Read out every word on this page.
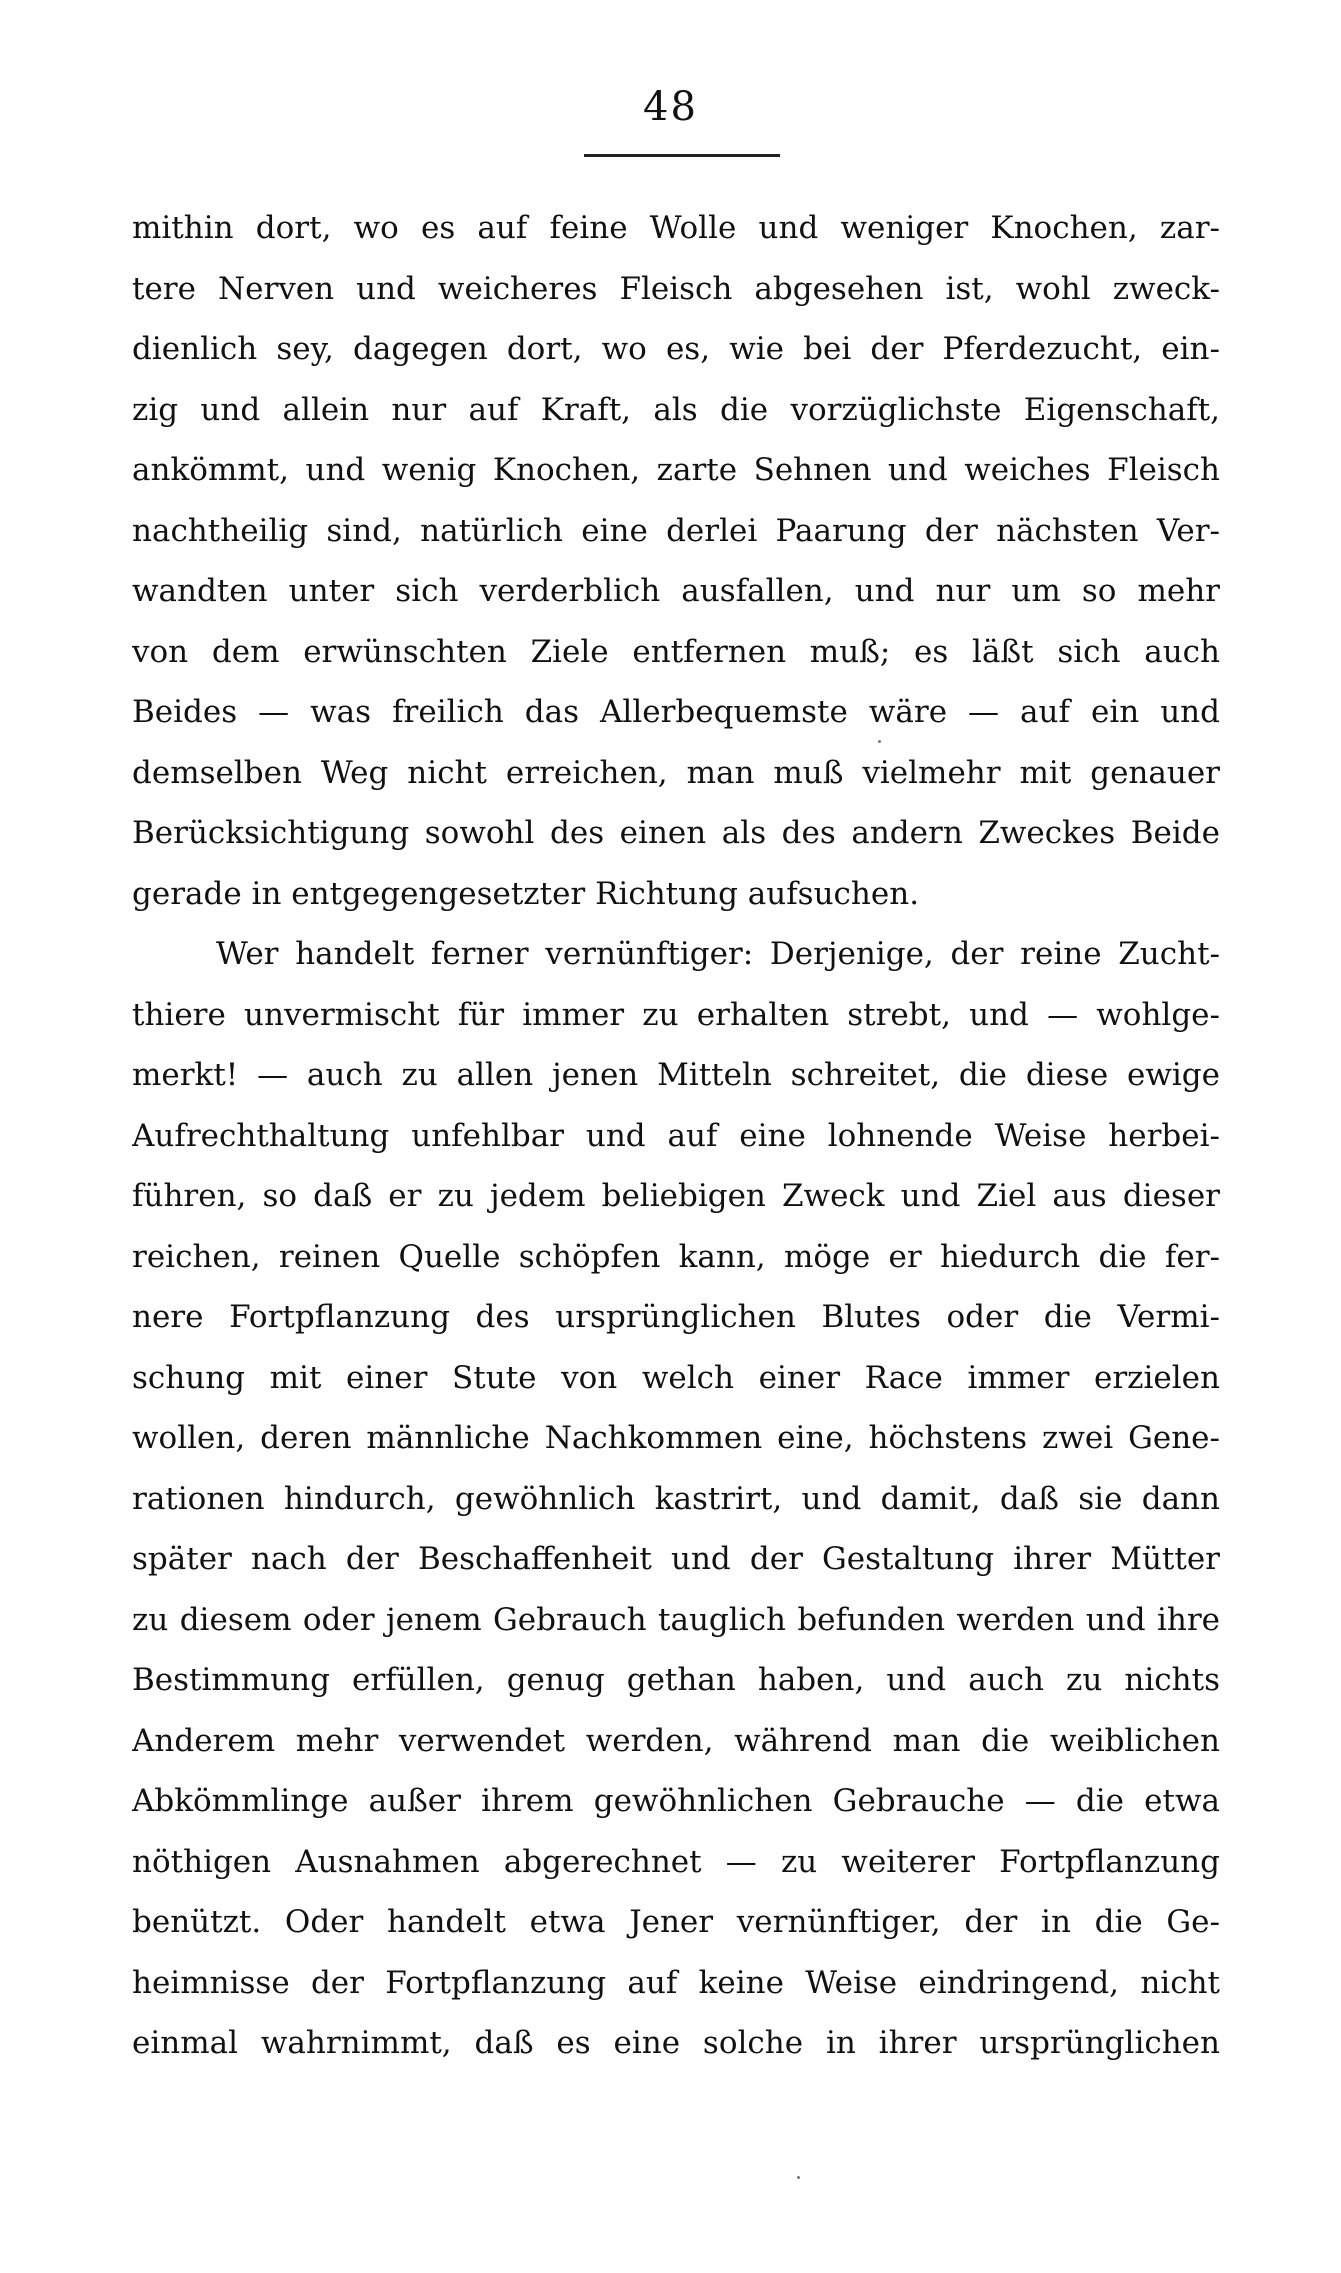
48
mithin dort, wo es auf feine Wolle und weniger Knochen, zar-
tere Nerven und weicheres Fleisch abgesehen ist, wohl zweck-
dienlich sey, dagegen dort, wo es, wie bei der Pferdezucht, ein-
zig und allein nur auf Kraft, als die vorzüglichste Eigenschaft,
ankömmt, und wenig Knochen, zarte Sehnen und weiches Fleisch
nachtheilig sind, natürlich eine derlei Paarung der nächsten Ver-
wandten unter sich verderblich ausfallen, und nur um so mehr
von dem erwünschten Ziele entfernen muß; es läßt sich auch
Beides — was freilich das Allerbequemste wäre — auf ein und
demselben Weg nicht erreichen, man muß vielmehr mit genauer
Berücksichtigung sowohl des einen als des andern Zweckes Beide
gerade in entgegengesetzter Richtung aufsuchen.
Wer handelt ferner vernünftiger: Derjenige, der reine Zucht-
thiere unvermischt für immer zu erhalten strebt, und — wohlge-
merkt! — auch zu allen jenen Mitteln schreitet, die diese ewige
Aufrechthaltung unfehlbar und auf eine lohnende Weise herbei-
führen, so daß er zu jedem beliebigen Zweck und Ziel aus dieser
reichen, reinen Quelle schöpfen kann, möge er hiedurch die fer-
nere Fortpflanzung des ursprünglichen Blutes oder die Vermi-
schung mit einer Stute von welch einer Race immer erzielen
wollen, deren männliche Nachkommen eine, höchstens zwei Gene-
rationen hindurch, gewöhnlich kastrirt, und damit, daß sie dann
später nach der Beschaffenheit und der Gestaltung ihrer Mütter
zu diesem oder jenem Gebrauch tauglich befunden werden und ihre
Bestimmung erfüllen, genug gethan haben, und auch zu nichts
Anderem mehr verwendet werden, während man die weiblichen
Abkömmlinge außer ihrem gewöhnlichen Gebrauche — die etwa
nöthigen Ausnahmen abgerechnet — zu weiterer Fortpflanzung
benützt. Oder handelt etwa Jener vernünftiger, der in die Ge-
heimnisse der Fortpflanzung auf keine Weise eindringend, nicht
einmal wahrnimmt, daß es eine solche in ihrer ursprünglichen
